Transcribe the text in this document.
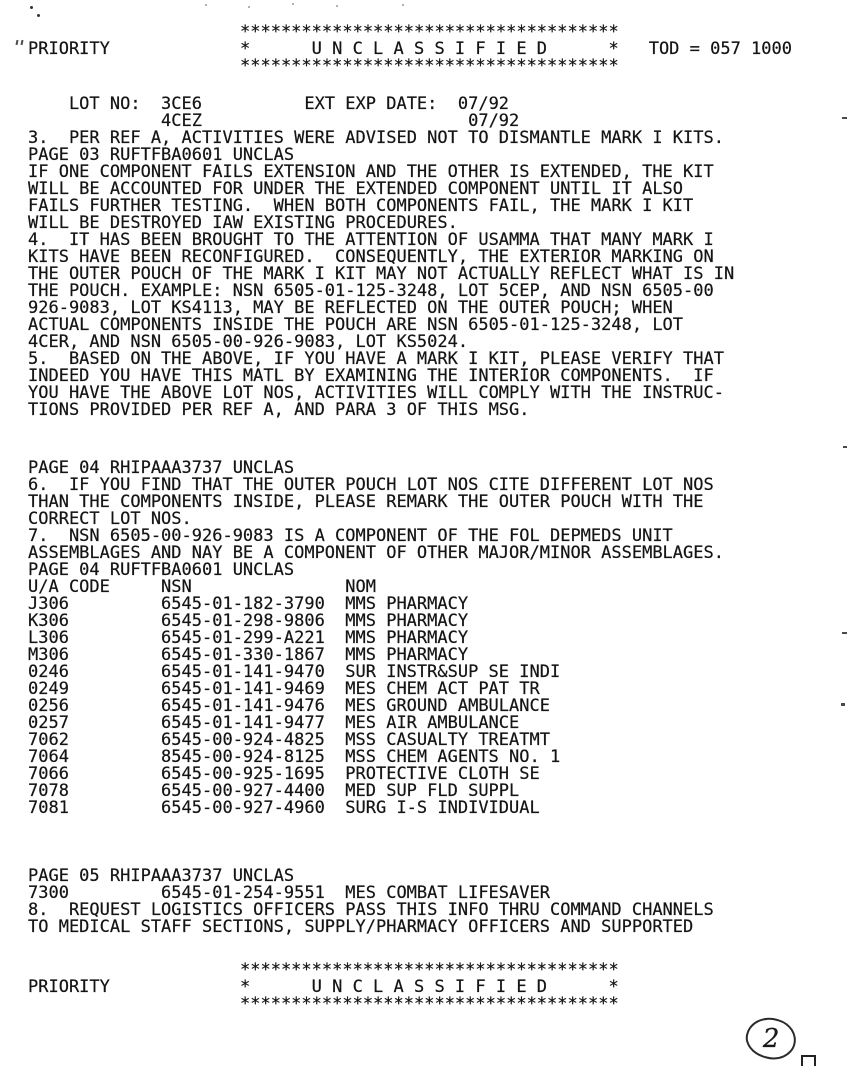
PRIORITY
*************************************
*      U N C L A S S I F I E D      *
*************************************
TOD = 057 1000
LOT NO:  3CE6          EXT EXP DATE:  07/92
4CEZ                          07/92
3.  PER REF A, ACTIVITIES WERE ADVISED NOT TO DISMANTLE MARK I KITS.
PAGE 03 RUFTFBA0601 UNCLAS
IF ONE COMPONENT FAILS EXTENSION AND THE OTHER IS EXTENDED, THE KIT
WILL BE ACCOUNTED FOR UNDER THE EXTENDED COMPONENT UNTIL IT ALSO
FAILS FURTHER TESTING.  WHEN BOTH COMPONENTS FAIL, THE MARK I KIT
WILL BE DESTROYED IAW EXISTING PROCEDURES.
4.  IT HAS BEEN BROUGHT TO THE ATTENTION OF USAMMA THAT MANY MARK I
KITS HAVE BEEN RECONFIGURED.  CONSEQUENTLY, THE EXTERIOR MARKING ON
THE OUTER POUCH OF THE MARK I KIT MAY NOT ACTUALLY REFLECT WHAT IS IN
THE POUCH. EXAMPLE: NSN 6505-01-125-3248, LOT 5CEP, AND NSN 6505-00
926-9083, LOT KS4113, MAY BE REFLECTED ON THE OUTER POUCH; WHEN
ACTUAL COMPONENTS INSIDE THE POUCH ARE NSN 6505-01-125-3248, LOT
4CER, AND NSN 6505-00-926-9083, LOT KS5024.
5.  BASED ON THE ABOVE, IF YOU HAVE A MARK I KIT, PLEASE VERIFY THAT
INDEED YOU HAVE THIS MATL BY EXAMINING THE INTERIOR COMPONENTS.  IF
YOU HAVE THE ABOVE LOT NOS, ACTIVITIES WILL COMPLY WITH THE INSTRUC-
TIONS PROVIDED PER REF A, AND PARA 3 OF THIS MSG.
PAGE 04 RHIPAAA3737 UNCLAS
6.  IF YOU FIND THAT THE OUTER POUCH LOT NOS CITE DIFFERENT LOT NOS
THAN THE COMPONENTS INSIDE, PLEASE REMARK THE OUTER POUCH WITH THE
CORRECT LOT NOS.
7.  NSN 6505-00-926-9083 IS A COMPONENT OF THE FOL DEPMEDS UNIT
ASSEMBLAGES AND NAY BE A COMPONENT OF OTHER MAJOR/MINOR ASSEMBLAGES.
PAGE 04 RUFTFBA0601 UNCLAS
U/A CODE	NSN	NOM
J306	6545-01-182-3790	MMS PHARMACY
K306	6545-01-298-9806	MMS PHARMACY
L306	6545-01-299-A221	MMS PHARMACY
M306	6545-01-330-1867	MMS PHARMACY
0246	6545-01-141-9470	SUR INSTR&SUP SE INDI
0249	6545-01-141-9469	MES CHEM ACT PAT TR
0256	6545-01-141-9476	MES GROUND AMBULANCE
0257	6545-01-141-9477	MES AIR AMBULANCE
7062	6545-00-924-4825	MSS CASUALTY TREATMT
7064	8545-00-924-8125	MSS CHEM AGENTS NO. 1
7066	6545-00-925-1695	PROTECTIVE CLOTH SE
7078	6545-00-927-4400	MED SUP FLD SUPPL
7081	6545-00-927-4960	SURG I-S INDIVIDUAL
PAGE 05 RHIPAAA3737 UNCLAS
7300	6545-01-254-9551	MES COMBAT LIFESAVER
8.  REQUEST LOGISTICS OFFICERS PASS THIS INFO THRU COMMAND CHANNELS
TO MEDICAL STAFF SECTIONS, SUPPLY/PHARMACY OFFICERS AND SUPPORTED
PRIORITY
*************************************
*      U N C L A S S I F I E D      *
*************************************
2
